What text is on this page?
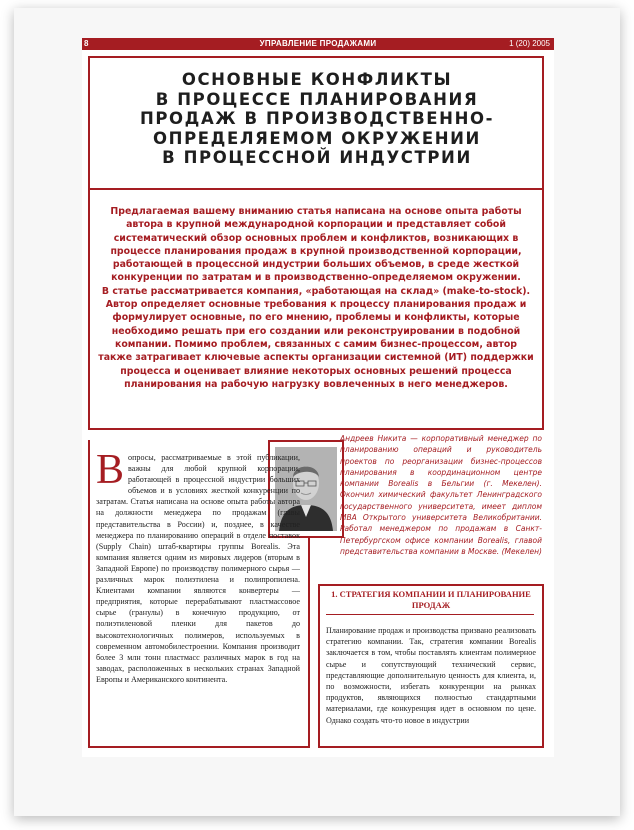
8	УПРАВЛЕНИЕ ПРОДАЖАМИ	1 (20) 2005
ОСНОВНЫЕ КОНФЛИКТЫ
В ПРОЦЕССЕ ПЛАНИРОВАНИЯ
ПРОДАЖ В ПРОИЗВОДСТВЕННО-
ОПРЕДЕЛЯЕМОМ ОКРУЖЕНИИ
В ПРОЦЕССНОЙ ИНДУСТРИИ

Предлагаемая вашему вниманию статья написана на основе опыта работы автора в крупной международной корпорации и представляет собой систематический обзор основных проблем и конфликтов, возникающих в процессе планирования продаж в крупной производственной корпорации, работающей в процессной индустрии больших объемов, в среде жесткой конкуренции по затратам и в производственно-определяемом окружении.

В статье рассматривается компания, «работающая на склад» (make-to-stock). Автор определяет основные требования к процессу планирования продаж и формулирует основные, по его мнению, проблемы и конфликты, которые необходимо решать при его создании или реконструировании в подобной компании. Помимо проблем, связанных с самим бизнес-процессом, автор также затрагивает ключевые аспекты организации системной (ИТ) поддержки процесса и оценивает влияние некоторых основных решений процесса планирования на рабочую нагрузку вовлеченных в него менеджеров.

Андреев Никита — корпоративный менеджер по планированию операций и руководитель проектов по реорганизации бизнес-процессов планирования в координационном центре компании Borealis в Бельгии (г. Мекелен). Окончил химический факультет Ленинградского государственного университета, имеет диплом MBA Открытого университета Великобритании. Работал менеджером по продажам в Санкт-Петербургском офисе компании Borealis, главой представительства компании в Москве. (Мекелен)

В опросы, рассматриваемые в этой публикации, важны для любой крупной корпорации, работающей в процессной индустрии больших объемов и в условиях жесткой конкуренции по затратам. Статья написана на основе опыта работы автора на должности менеджера по продажам (главы представительства в России) и, позднее, в качестве менеджера по планированию операций в отделе поставок (Supply Chain) штаб-квартиры группы Borealis. Эта компания является одним из мировых лидеров (вторым в Западной Европе) по производству полимерного сырья — различных марок полиэтилена и полипропилена. Клиентами компании являются конвертеры — предприятия, которые перерабатывают пластмассовое сырье (гранулы) в конечную продукцию, от полиэтиленовой пленки для пакетов до высокотехнологичных полимеров, используемых в современном автомобилестроении. Компания производит более 3 млн тонн пластмасс различных марок в год на заводах, расположенных в нескольких странах Западной Европы и Американского континента.
1. СТРАТЕГИЯ КОМПАНИИ И ПЛАНИРОВАНИЕ ПРОДАЖ

Планирование продаж и производства призвано реализовать стратегию компании. Так, стратегия компании Borealis заключается в том, чтобы поставлять клиентам полимерное сырье и сопутствующий технический сервис, представляющие дополнительную ценность для клиента, и, по возможности, избегать конкуренции на рынках продуктов, являющихся полностью стандартными материалами, где конкуренция идет в основном по цене. Однако создать что-то новое в индустрии
